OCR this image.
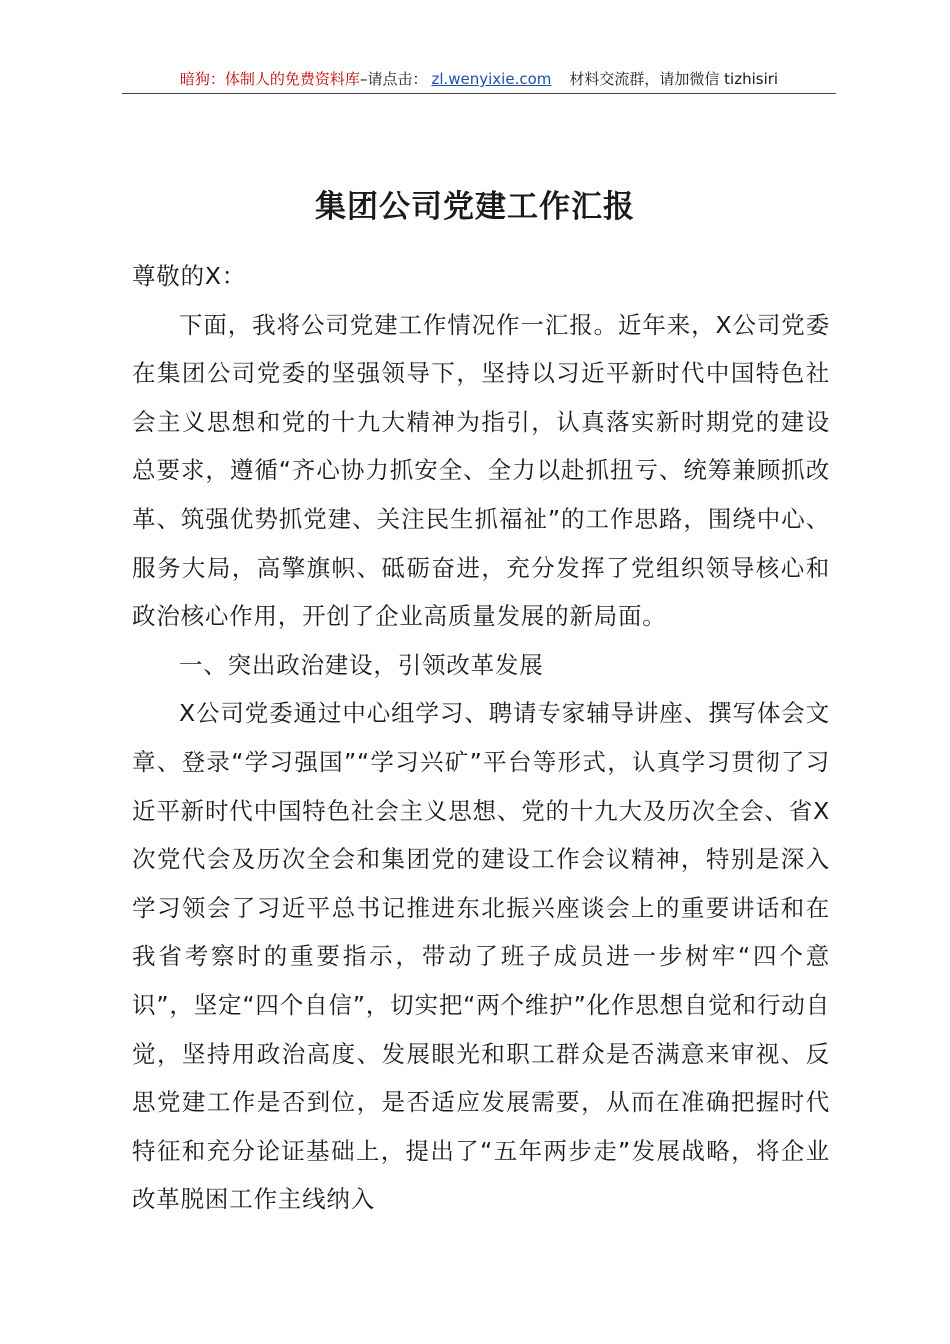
暗狗：体制人的免费资料库–请点击： zl.wenyixie.com 材料交流群，请加微信 tizhisiri
集团公司党建工作汇报

尊敬的X：

下面，我将公司党建工作情况作一汇报。近年来，X公司党委在集团公司党委的坚强领导下，坚持以习近平新时代中国特色社会主义思想和党的十九大精神为指引，认真落实新时期党的建设总要求，遵循“齐心协力抓安全、全力以赴抓扭亏、统筹兼顾抓改革、筑强优势抓党建、关注民生抓福祉”的工作思路，围绕中心、服务大局，高擎旗帜、砥砺奋进，充分发挥了党组织领导核心和政治核心作用，开创了企业高质量发展的新局面。

一、突出政治建设，引领改革发展

X公司党委通过中心组学习、聘请专家辅导讲座、撰写体会文章、登录“学习强国”“学习兴矿”平台等形式，认真学习贯彻了习近平新时代中国特色社会主义思想、党的十九大及历次全会、省X次党代会及历次全会和集团党的建设工作会议精神，特别是深入学习领会了习近平总书记推进东北振兴座谈会上的重要讲话和在我省考察时的重要指示，带动了班子成员进一步树牢“四个意识”，坚定“四个自信”，切实把“两个维护”化作思想自觉和行动自觉，坚持用政治高度、发展眼光和职工群众是否满意来审视、反思党建工作是否到位，是否适应发展需要，从而在准确把握时代特征和充分论证基础上，提出了“五年两步走”发展战略，将企业改革脱困工作主线纳入
